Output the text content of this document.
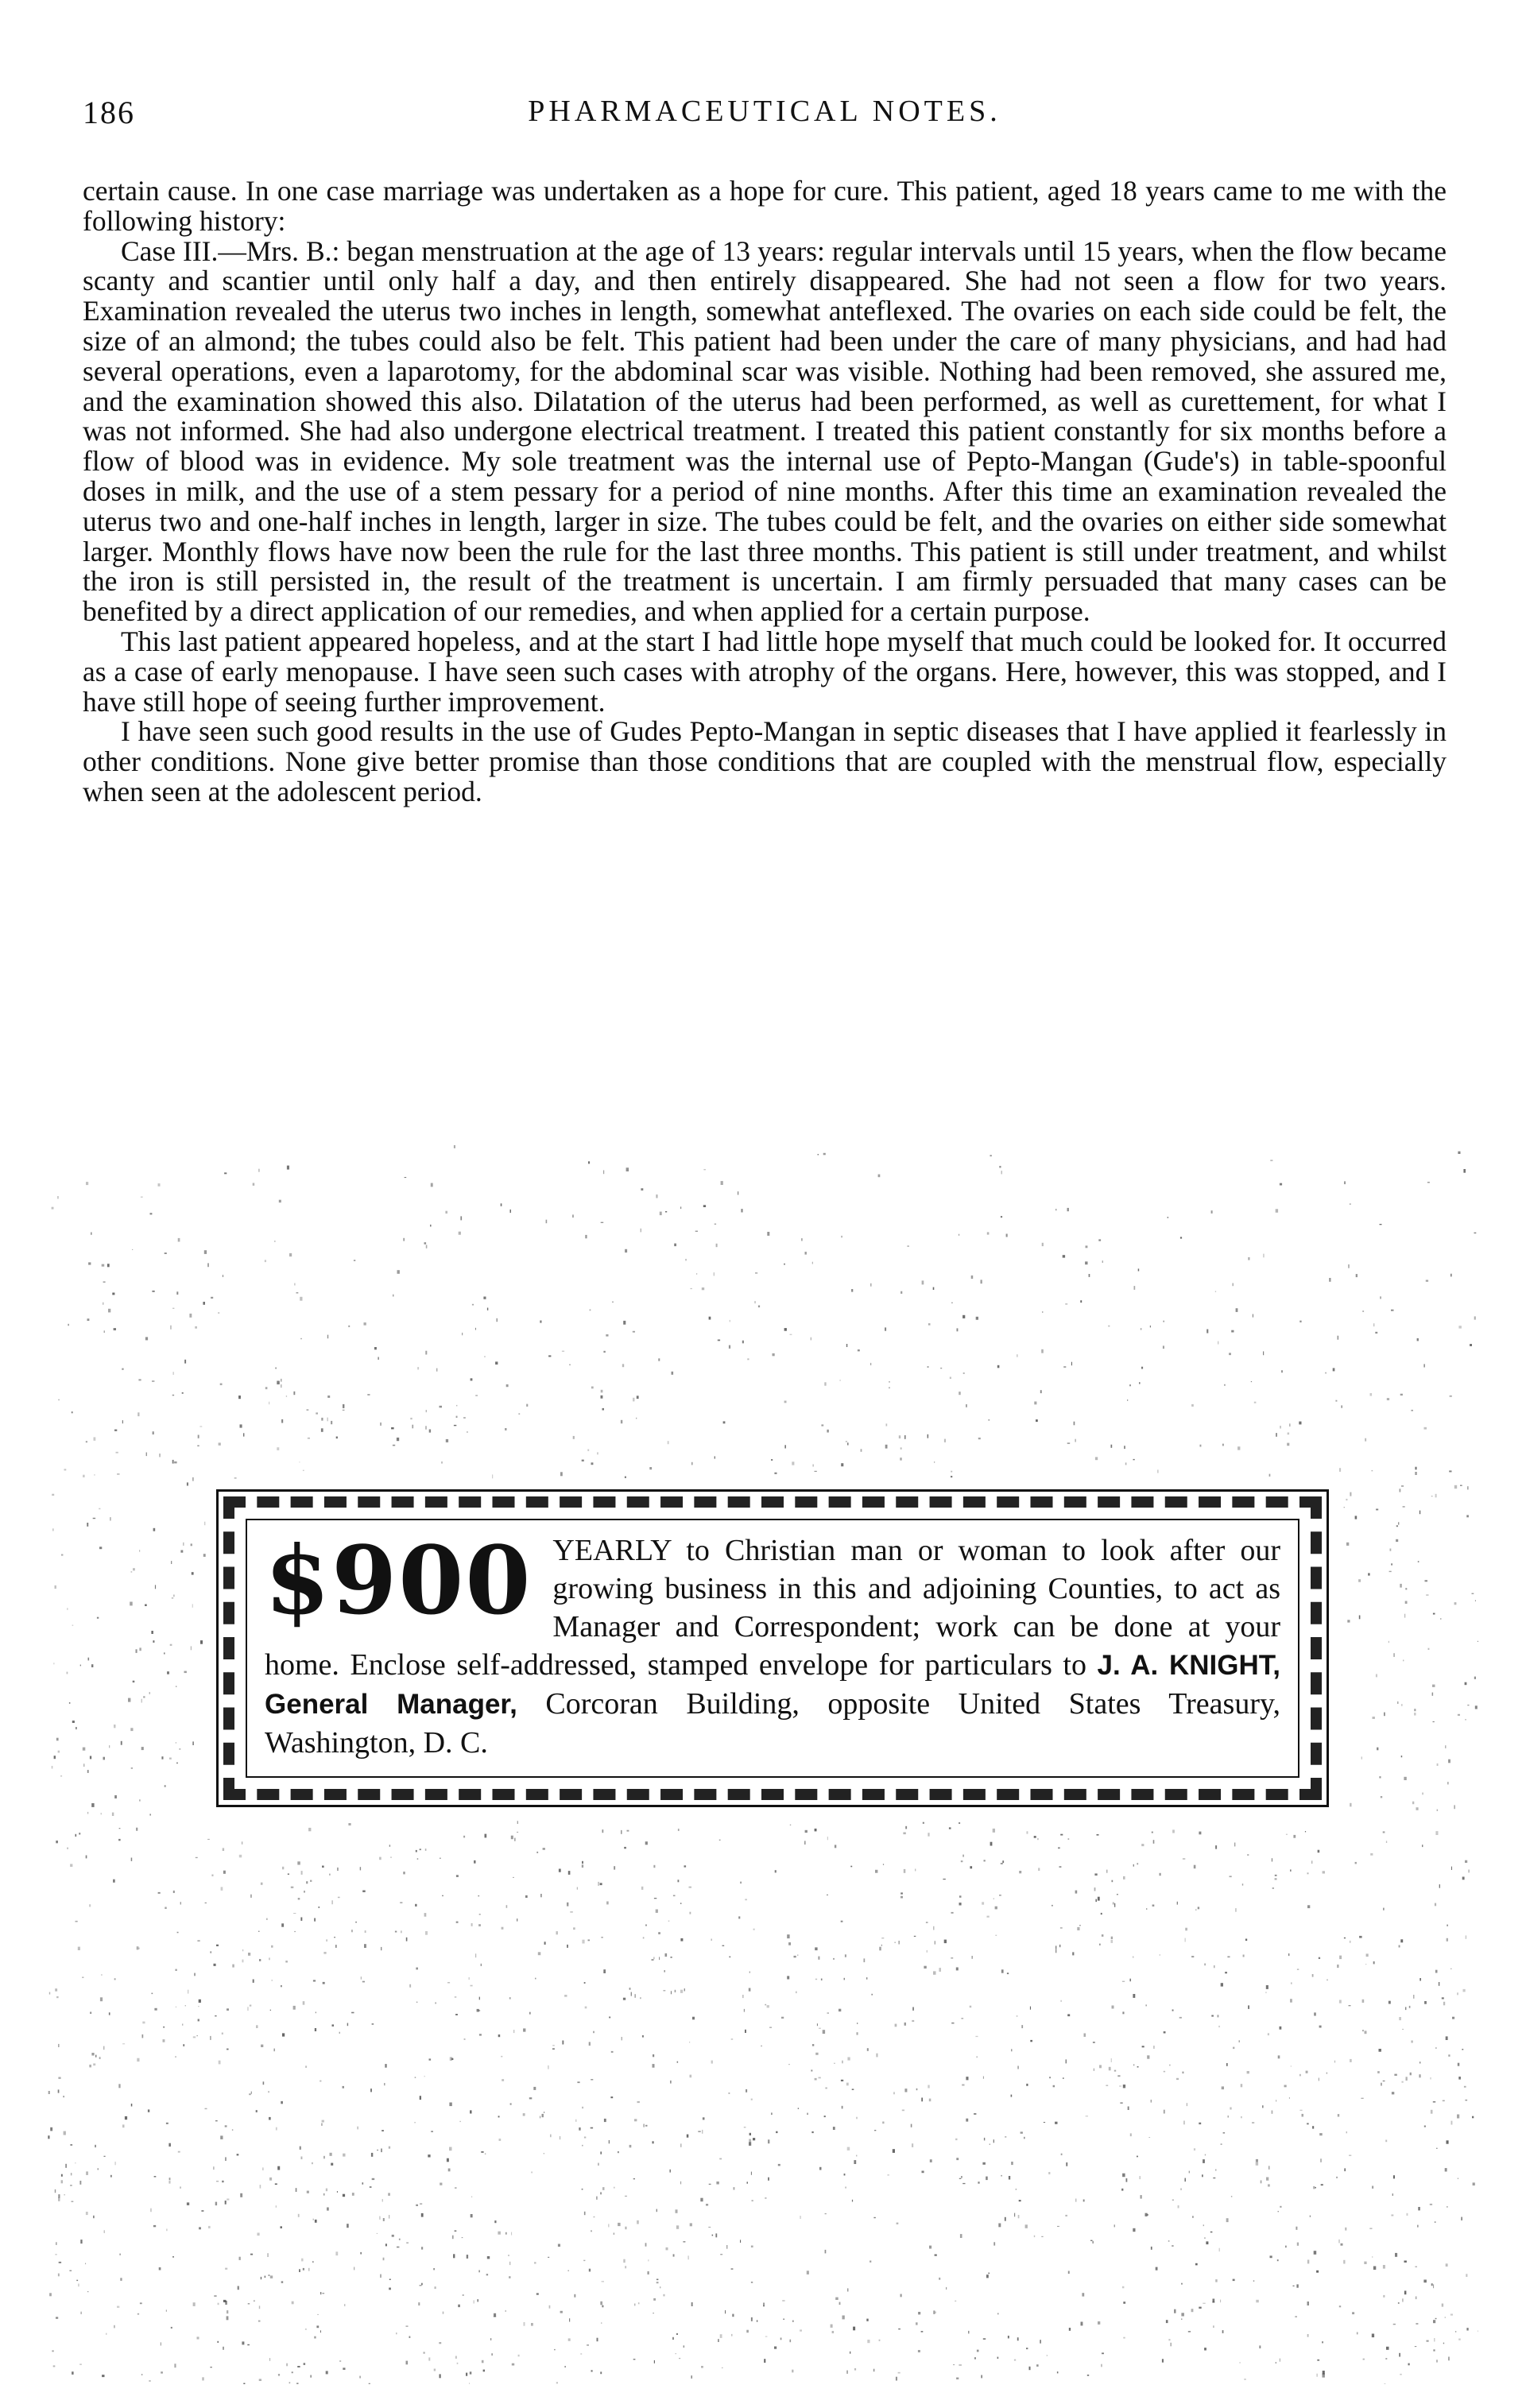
186	PHARMACEUTICAL NOTES.

certain cause. In one case marriage was undertaken as a hope for cure. This patient, aged 18 years came to me with the following history:

Case III.—Mrs. B.: began menstruation at the age of 13 years: regular intervals until 15 years, when the flow became scanty and scantier until only half a day, and then entirely disappeared. She had not seen a flow for two years. Examination revealed the uterus two inches in length, somewhat anteflexed. The ovaries on each side could be felt, the size of an almond; the tubes could also be felt. This patient had been under the care of many physicians, and had had several operations, even a laparotomy, for the abdominal scar was visible. Nothing had been removed, she assured me, and the examination showed this also. Dilatation of the uterus had been performed, as well as curettement, for what I was not informed. She had also undergone electrical treatment. I treated this patient constantly for six months before a flow of blood was in evidence. My sole treatment was the internal use of Pepto-Mangan (Gude's) in table-spoonful doses in milk, and the use of a stem pessary for a period of nine months. After this time an examination revealed the uterus two and one-half inches in length, larger in size. The tubes could be felt, and the ovaries on either side somewhat larger. Monthly flows have now been the rule for the last three months. This patient is still under treatment, and whilst the iron is still persisted in, the result of the treatment is uncertain. I am firmly persuaded that many cases can be benefited by a direct application of our remedies, and when applied for a certain purpose.

This last patient appeared hopeless, and at the start I had little hope myself that much could be looked for. It occurred as a case of early menopause. I have seen such cases with atrophy of the organs. Here, however, this was stopped, and I have still hope of seeing further improvement.

I have seen such good results in the use of Gudes Pepto-Mangan in septic diseases that I have applied it fearlessly in other conditions. None give better promise than those conditions that are coupled with the menstrual flow, especially when seen at the adolescent period.

$900 YEARLY to Christian man or woman to look after our growing business in this and adjoining Counties, to act as Manager and Correspondent; work can be done at your home. Enclose self-addressed, stamped envelope for particulars to J. A. KNIGHT, General Manager, Corcoran Building, opposite United States Treasury, Washington, D. C.
